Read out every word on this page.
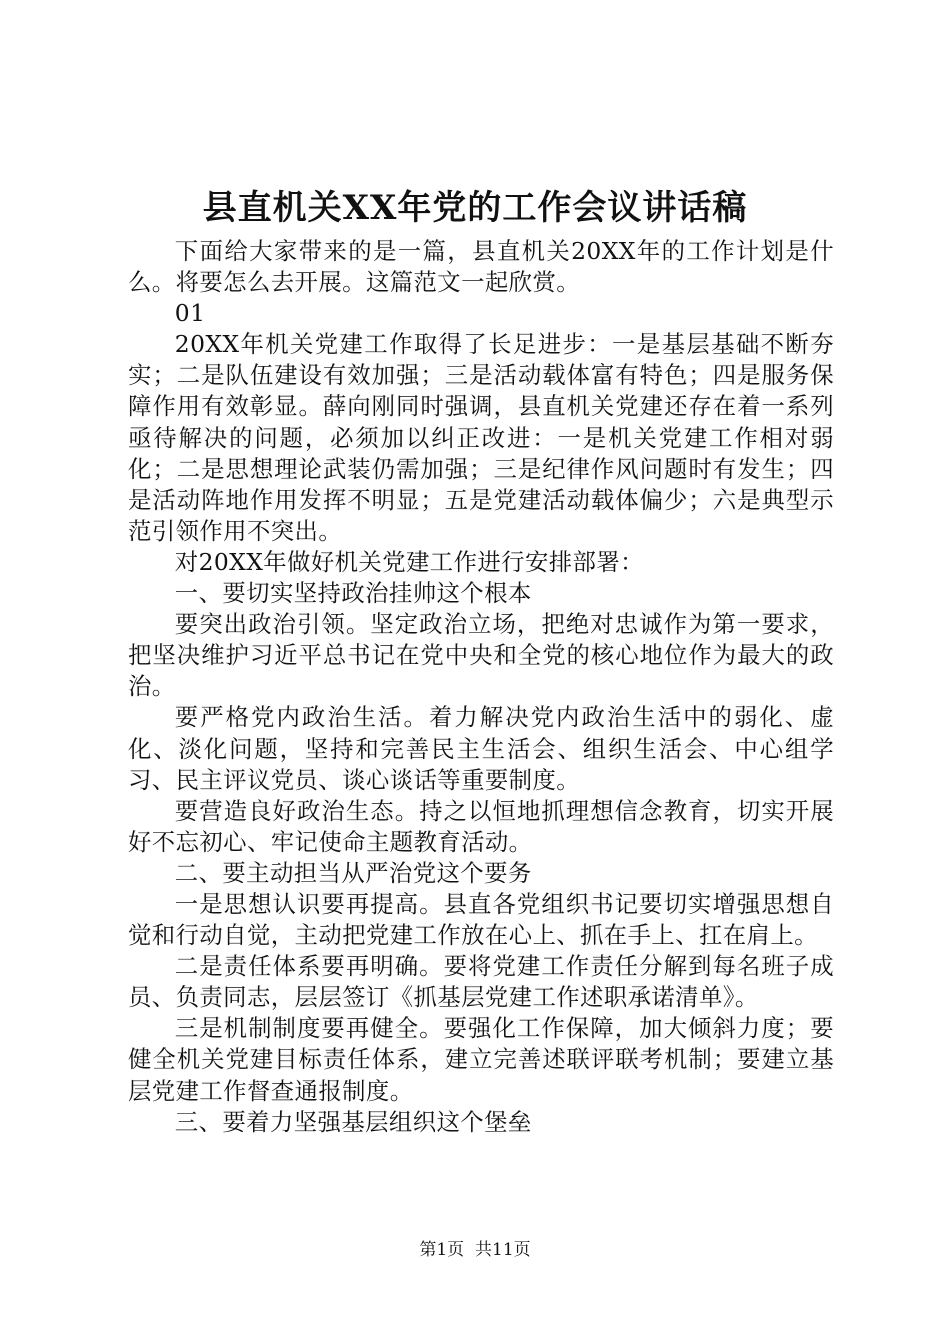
县直机关XX年党的工作会议讲话稿

下面给大家带来的是一篇，县直机关20XX年的工作计划是什么。将要怎么去开展。这篇范文一起欣赏。

01

20XX年机关党建工作取得了长足进步：一是基层基础不断夯实；二是队伍建设有效加强；三是活动载体富有特色；四是服务保障作用有效彰显。薛向刚同时强调，县直机关党建还存在着一系列亟待解决的问题，必须加以纠正改进：一是机关党建工作相对弱化；二是思想理论武装仍需加强；三是纪律作风问题时有发生；四是活动阵地作用发挥不明显；五是党建活动载体偏少；六是典型示范引领作用不突出。

对20XX年做好机关党建工作进行安排部署：

一、要切实坚持政治挂帅这个根本

要突出政治引领。坚定政治立场，把绝对忠诚作为第一要求，把坚决维护习近平总书记在党中央和全党的核心地位作为最大的政治。

要严格党内政治生活。着力解决党内政治生活中的弱化、虚化、淡化问题，坚持和完善民主生活会、组织生活会、中心组学习、民主评议党员、谈心谈话等重要制度。

要营造良好政治生态。持之以恒地抓理想信念教育，切实开展好不忘初心、牢记使命主题教育活动。

二、要主动担当从严治党这个要务

一是思想认识要再提高。县直各党组织书记要切实增强思想自觉和行动自觉，主动把党建工作放在心上、抓在手上、扛在肩上。

二是责任体系要再明确。要将党建工作责任分解到每名班子成员、负责同志，层层签订《抓基层党建工作述职承诺清单》。

三是机制制度要再健全。要强化工作保障，加大倾斜力度；要健全机关党建目标责任体系，建立完善述联评联考机制；要建立基层党建工作督查通报制度。

三、要着力坚强基层组织这个堡垒

第1页 共11页
